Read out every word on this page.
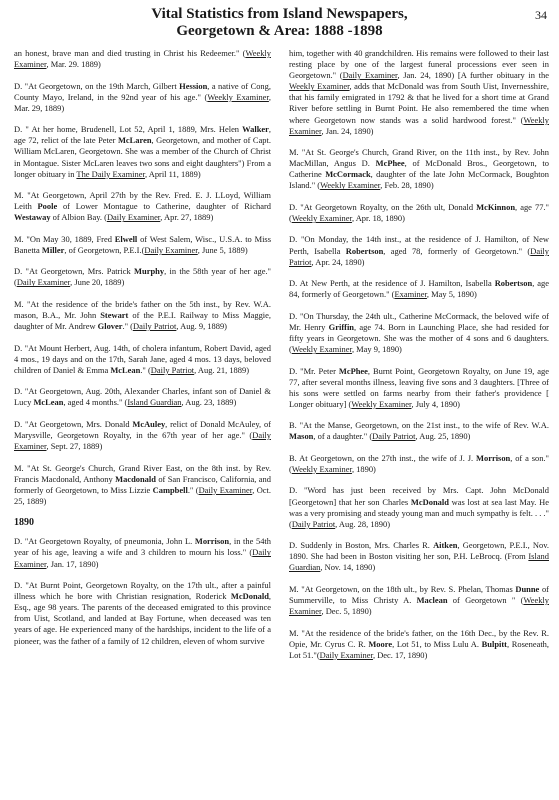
Vital Statistics from Island Newspapers,
Georgetown & Area: 1888 -1898
34

an honest, brave man and died trusting in Christ his Redeemer." (Weekly Examiner, Mar. 29. 1889)

D. "At Georgetown, on the 19th March, Gilbert Hession, a native of Cong, County Mayo, Ireland, in the 92nd year of his age." (Weekly Examiner, Mar. 29, 1889)

D. " At her home, Brudenell, Lot 52, April 1, 1889, Mrs. Helen Walker, age 72, relict of the late Peter McLaren, Georgetown, and mother of Capt. William McLaren, Georgetown. She was a member of the Church of Christ in Montague. Sister McLaren leaves two sons and eight daughters") From a longer obituary in The Daily Examiner, April 11, 1889)

M. "At Georgetown, April 27th by the Rev. Fred. E. J. LLoyd, William Leith Poole of Lower Montague to Catherine, daughter of Richard Westaway of Albion Bay. (Daily Examiner, Apr. 27, 1889)

M. "On May 30, 1889, Fred Elwell of West Salem, Wisc., U.S.A. to Miss Banetta Miller, of Georgetown, P.E.I.(Daily Examiner, June 5, 1889)

D. "At Georgetown, Mrs. Patrick Murphy, in the 58th year of her age." (Daily Examiner, June 20, 1889)

M. "At the residence of the bride's father on the 5th inst., by Rev. W.A. mason, B.A., Mr. John Stewart of the P.E.I. Railway to Miss Maggie, daughter of Mr. Andrew Glover." (Daily Patriot, Aug. 9, 1889)

D. "At Mount Herbert, Aug. 14th, of cholera infantum, Robert David, aged 4 mos., 19 days and on the 17th, Sarah Jane, aged 4 mos. 13 days, beloved children of Daniel & Emma McLean." (Daily Patriot, Aug. 21, 1889)

D. "At Georgetown, Aug. 20th, Alexander Charles, infant son of Daniel & Lucy McLean, aged 4 months." (Island Guardian, Aug. 23, 1889)

D. "At Georgetown, Mrs. Donald McAuley, relict of Donald McAuley, of Marysville, Georgetown Royalty, in the 67th year of her age." (Daily Examiner, Sept. 27, 1889)

M. "At St. George's Church, Grand River East, on the 8th inst. by Rev. Francis Macdonald, Anthony Macdonald of San Francisco, California, and formerly of Georgetown, to Miss Lizzie Campbell." (Daily Examiner, Oct. 25, 1889)

1890

D. "At Georgetown Royalty, of pneumonia, John L. Morrison, in the 54th year of his age, leaving a wife and 3 children to mourn his loss." (Daily Examiner, Jan. 17, 1890)

D. "At Burnt Point, Georgetown Royalty, on the 17th ult., after a painful illness which he bore with Christian resignation, Roderick McDonald, Esq., age 98 years. The parents of the deceased emigrated to this province from Uist, Scotland, and landed at Bay Fortune, when deceased was ten years of age. He experienced many of the hardships, incident to the life of a pioneer, was the father of a family of 12 children, eleven of whom survive

him, together with 40 grandchildren. His remains were followed to their last resting place by one of the largest funeral processions ever seen in Georgetown." (Daily Examiner, Jan. 24, 1890) [A further obituary in the Weekly Examiner, adds that McDonald was from South Uist, Invernesshire, that his family emigrated in 1792 & that he lived for a short time at Grand River before settling in Burnt Point. He also remembered the time when where Georgetown now stands was a solid hardwood forest." (Weekly Examiner, Jan. 24, 1890)

M. "At St. George's Church, Grand River, on the 11th inst., by Rev. John MacMillan, Angus D. McPhee, of McDonald Bros., Georgetown, to Catherine McCormack, daughter of the late John McCormack, Boughton Island." (Weekly Examiner, Feb. 28, 1890)

D. "At Georgetown Royalty, on the 26th ult, Donald McKinnon, age 77." (Weekly Examiner, Apr. 18, 1890)

D. "On Monday, the 14th inst., at the residence of J. Hamilton, of New Perth, Isabella Robertson, aged 78, formerly of Georgetown." (Daily Patriot, Apr. 24, 1890)

D. At New Perth, at the residence of J. Hamilton, Isabella Robertson, age 84, formerly of Georgetown." (Examiner, May 5, 1890)

D. "On Thursday, the 24th ult., Catherine McCormack, the beloved wife of Mr. Henry Griffin, age 74. Born in Launching Place, she had resided for fifty years in Georgetown. She was the mother of 4 sons and 6 daughters. (Weekly Examiner, May 9, 1890)

D. "Mr. Peter McPhee, Burnt Point, Georgetown Royalty, on June 19, age 77, after several months illness, leaving five sons and 3 daughters. [Three of his sons were settled on farms nearby from their father's providence [ Longer obituary] (Weekly Examiner, July 4, 1890)

B. "At the Manse, Georgetown, on the 21st inst., to the wife of Rev. W.A. Mason, of a daughter." (Daily Patriot, Aug. 25, 1890)

B. At Georgetown, on the 27th inst., the wife of J. J. Morrison, of a son." (Weekly Examiner, 1890)

D. "Word has just been received by Mrs. Capt. John McDonald [Georgetown] that her son Charles McDonald was lost at sea last May. He was a very promising and steady young man and much sympathy is felt. . . ." (Daily Patriot, Aug. 28, 1890)

D. Suddenly in Boston, Mrs. Charles R. Aitken, Georgetown, P.E.I., Nov. 1890. She had been in Boston visiting her son, P.H. LeBrocq. (From Island Guardian, Nov. 14, 1890)

M. "At Georgetown, on the 18th ult., by Rev. S. Phelan, Thomas Dunne of Summerville, to Miss Christy A. Maclean of Georgetown " (Weekly Examiner, Dec. 5, 1890)

M. "At the residence of the bride's father, on the 16th Dec., by the Rev. R. Opie, Mr. Cyrus C. R. Moore, Lot 51, to Miss Lulu A. Bulpitt, Roseneath, Lot 51."(Daily Examiner, Dec. 17, 1890)
